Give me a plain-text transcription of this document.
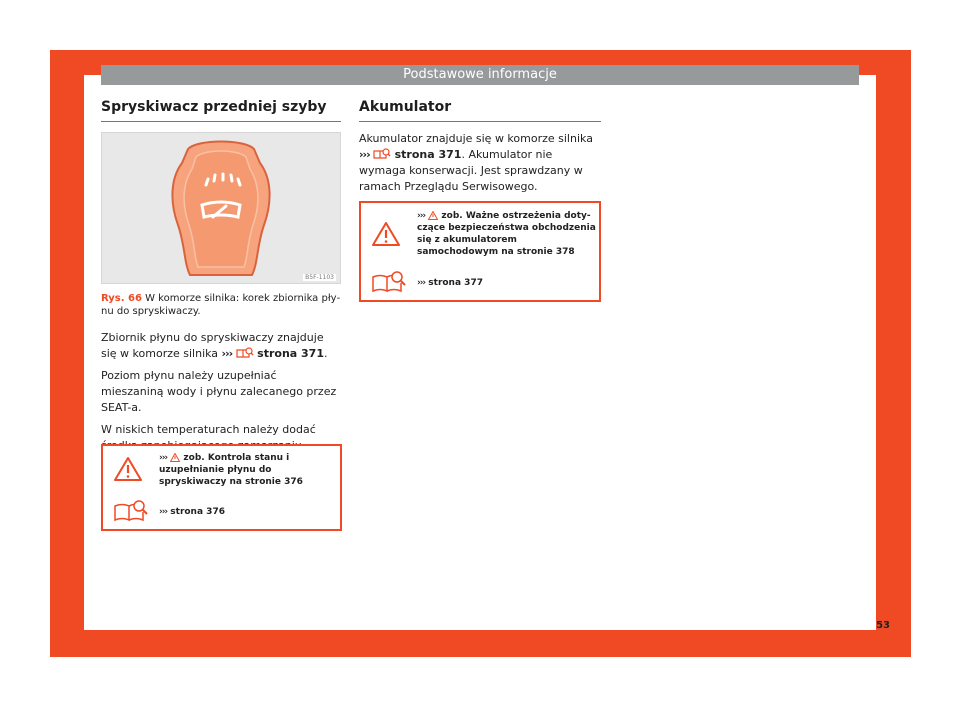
Podstawowe informacje
Spryskiwacz przedniej szyby
B5F-1103
Rys. 66 W komorze silnika: korek zbiornika płynu do spryskiwaczy.

Zbiornik płynu do spryskiwaczy znajduje się w komorze silnika ››› strona 371.

Poziom płynu należy uzupełniać mieszaniną wody i płynu zalecanego przez SEAT-a.

W niskich temperaturach należy dodać

››› zob. Kontrola stanu i uzupełnianie płynu do spryskiwaczy na stronie 376
››› strona 376
Akumulator

Akumulator znajduje się w komorze silnika ››› strona 371. Akumulator nie wymaga konserwacji. Jest sprawdzany w ramach Przeglądu Serwisowego.

››› zob. Ważne ostrzeżenia dotyczące bezpieczeństwa obchodzenia się z akumulatorem samochodowym na stronie 378
››› strona 377
53
